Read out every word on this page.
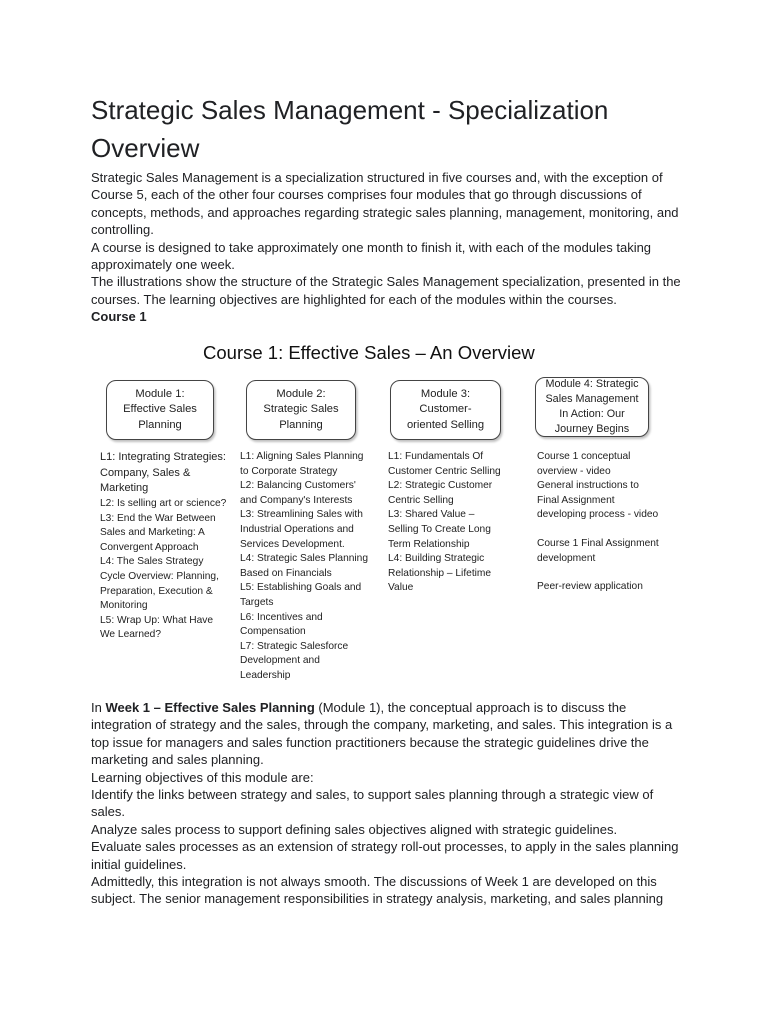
Strategic Sales Management - Specialization Overview

Strategic Sales Management is a specialization structured in five courses and, with the exception of Course 5, each of the other four courses comprises four modules that go through discussions of concepts, methods, and approaches regarding strategic sales planning, management, monitoring, and controlling.

A course is designed to take approximately one month to finish it, with each of the modules taking approximately one week.

The illustrations show the structure of the Strategic Sales Management specialization, presented in the courses. The learning objectives are highlighted for each of the modules within the courses.

Course 1

Course 1: Effective Sales – An Overview
Module 1:
Effective Sales
Planning
Module 2:
Strategic Sales
Planning
Module 3:
Customer-
oriented Selling
Module 4: Strategic
Sales Management
In Action: Our
Journey Begins
L1: Integrating Strategies: Company, Sales & Marketing
L2: Is selling art or science?
L3: End the War Between Sales and Marketing: A Convergent Approach
L4: The Sales Strategy Cycle Overview: Planning, Preparation, Execution & Monitoring
L5: Wrap Up: What Have We Learned?
L1: Aligning Sales Planning to Corporate Strategy
L2: Balancing Customers' and Company's Interests
L3: Streamlining Sales with Industrial Operations and Services Development.
L4: Strategic Sales Planning Based on Financials
L5: Establishing Goals and Targets
L6: Incentives and Compensation
L7: Strategic Salesforce Development and Leadership
L1: Fundamentals Of Customer Centric Selling
L2: Strategic Customer Centric Selling
L3: Shared Value – Selling To Create Long Term Relationship
L4: Building Strategic Relationship – Lifetime Value
Course 1 conceptual overview - video
General instructions to Final Assignment developing process - video
Course 1 Final Assignment development
Peer-review application

In Week 1 – Effective Sales Planning (Module 1), the conceptual approach is to discuss the integration of strategy and the sales, through the company, marketing, and sales. This integration is a top issue for managers and sales function practitioners because the strategic guidelines drive the marketing and sales planning.

Learning objectives of this module are:

Identify the links between strategy and sales, to support sales planning through a strategic view of sales.

Analyze sales process to support defining sales objectives aligned with strategic guidelines.

Evaluate sales processes as an extension of strategy roll-out processes, to apply in the sales planning initial guidelines.

Admittedly, this integration is not always smooth. The discussions of Week 1 are developed on this subject. The senior management responsibilities in strategy analysis, marketing, and sales planning
